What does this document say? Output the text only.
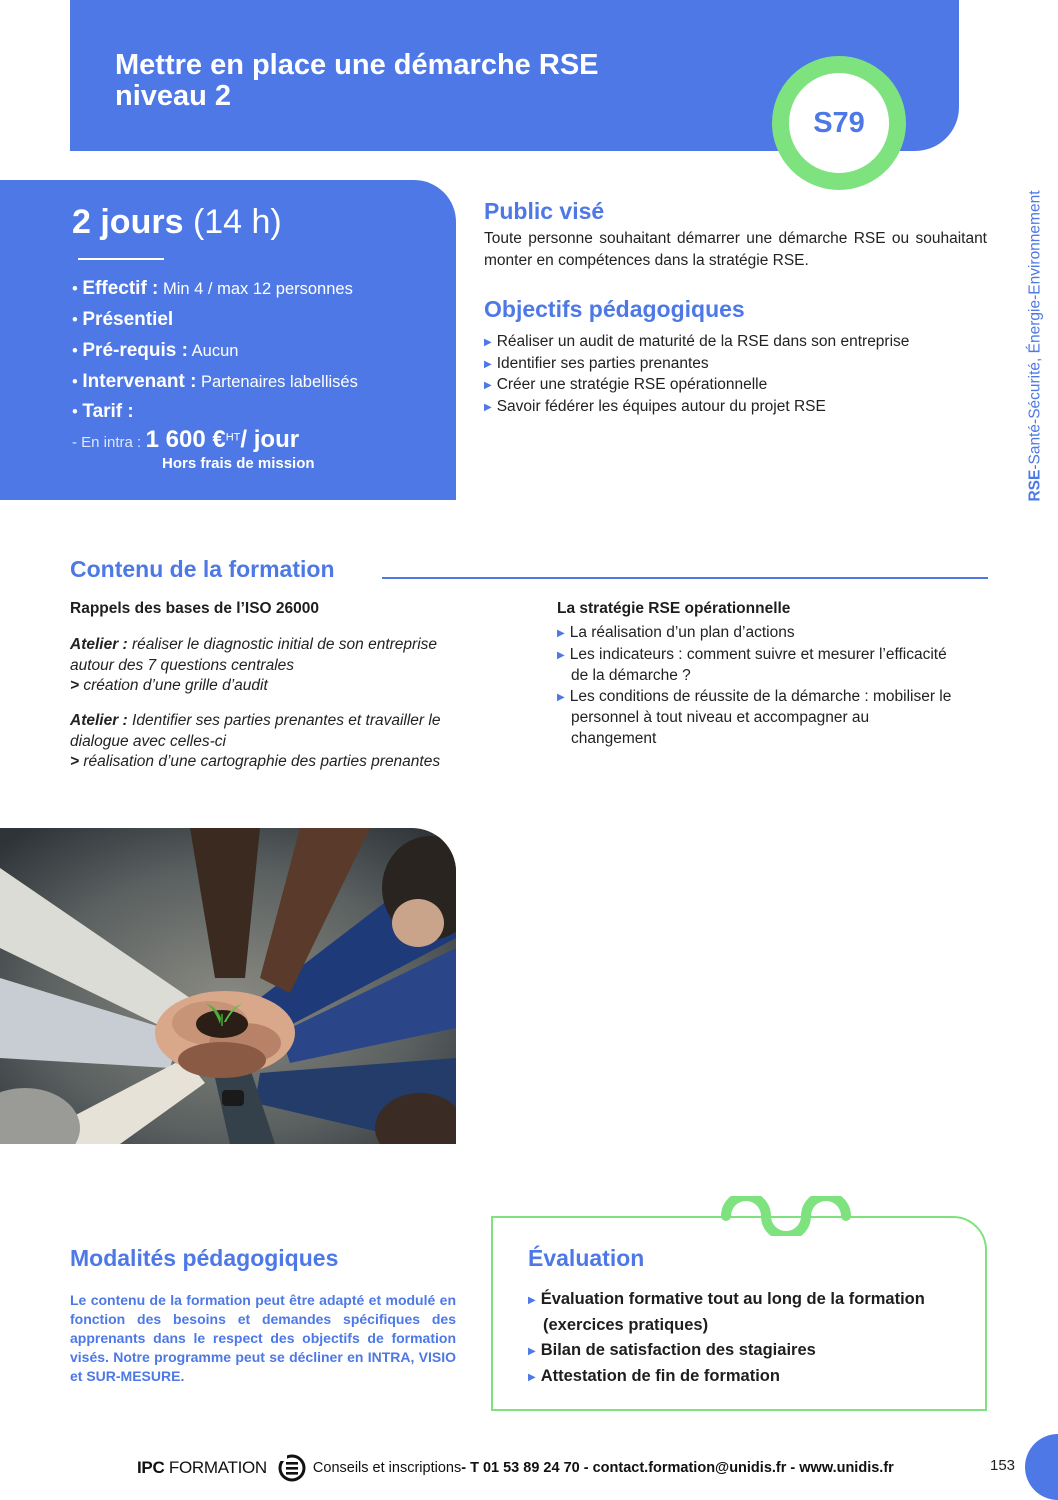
Mettre en place une démarche RSE
niveau 2
S79
RSE-Santé-Sécurité, Énergie-Environnement
2 jours (14 h)
• Effectif : Min 4 / max 12 personnes
• Présentiel
• Pré-requis : Aucun
• Intervenant : Partenaires labellisés
• Tarif :
- En intra : 1 600 €$^{HT}$/ jour
Hors frais de mission
Public visé
Toute personne souhaitant démarrer une démarche RSE ou souhaitant monter en compétences dans la stratégie RSE.
Objectifs pédagogiques
▶ Réaliser un audit de maturité de la RSE dans son entreprise
▶ Identifier ses parties prenantes
▶ Créer une stratégie RSE opérationnelle
▶ Savoir fédérer les équipes autour du projet RSE
Contenu de la formation
Rappels des bases de l’ISO 26000
Atelier : réaliser le diagnostic initial de son entreprise autour des 7 questions centrales
> création d’une grille d’audit
Atelier : Identifier ses parties prenantes et travailler le dialogue avec celles-ci
> réalisation d’une cartographie des parties prenantes
La stratégie RSE opérationnelle
▶ La réalisation d’un plan d’actions
▶ Les indicateurs : comment suivre et mesurer l’efficacité de la démarche ?
▶ Les conditions de réussite de la démarche : mobiliser le personnel à tout niveau et accompagner au changement
Modalités pédagogiques
Le contenu de la formation peut être adapté et modulé en fonction des besoins et demandes spécifiques des apprenants dans le respect des objectifs de formation visés. Notre programme peut se décliner en INTRA, VISIO et SUR-MESURE.
Évaluation
▶ Évaluation formative tout au long de la formation (exercices pratiques)
▶ Bilan de satisfaction des stagiaires
▶ Attestation de fin de formation
IPC FORMATION	Conseils et inscriptions - T 01 53 89 24 70 - contact.formation@unidis.fr - www.unidis.fr	153
